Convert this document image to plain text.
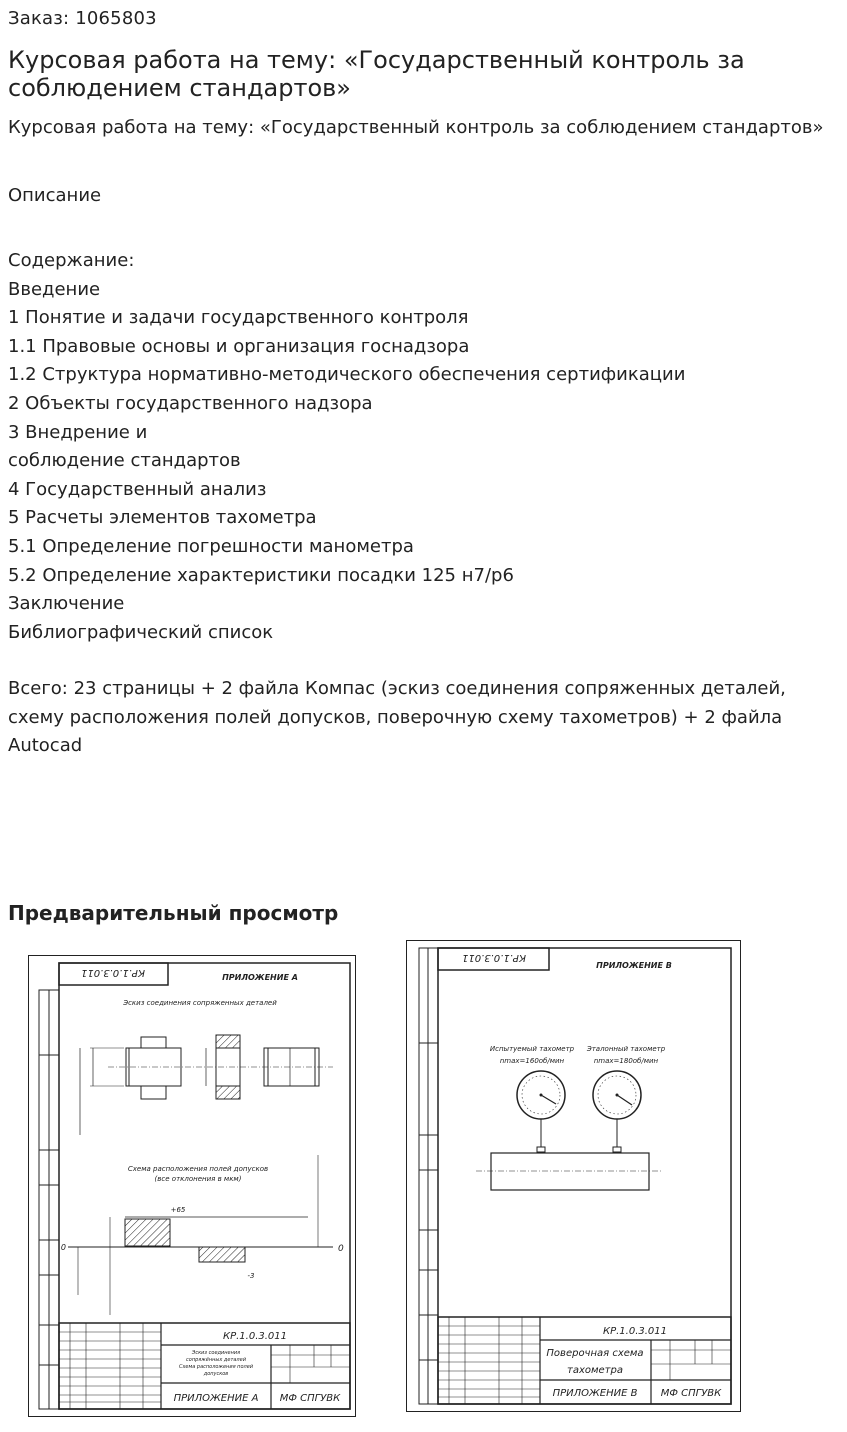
Заказ: 1065803
Курсовая работа на тему: «Государственный контроль за соблюдением стандартов»
Курсовая работа на тему: «Государственный контроль за соблюдением стандартов»
Описание
Содержание:
Введение
1 Понятие и задачи государственного контроля
1.1 Правовые основы и организация госнадзора
1.2 Структура нормативно-методического обеспечения сертификации
2 Объекты государственного надзора
3 Внедрение и
соблюдение стандартов
4 Государственный анализ
5 Расчеты элементов тахометра
5.1 Определение погрешности манометра
5.2 Определение характеристики посадки 125 н7/р6
Заключение
Библиографический список
Всего: 23 страницы + 2 файла Компас (эскиз соединения сопряженных деталей, схему расположения полей допусков, поверочную схему тахометров) + 2 файла Autocad
Предварительный просмотр
КР.1.0.3.011	ПРИЛОЖЕНИЕ А
Эскиз соединения сопряженных деталей
Схема расположения полей допусков
(все отклонения в мкм)
+65
0	0
-3
КР.1.0.3.011
Эскиз соединения
сопряжённых деталей
Схема расположения полей
допусков
ПРИЛОЖЕНИЕ А МФ СПГУВК
КР.1.0.3.011
ПРИЛОЖЕНИЕ В
Испытуемый тахометр
nmax=160об/мин
Эталонный тахометр
nmax=180об/мин
КР.1.0.3.011
Поверочная схема
тахометра
ПРИЛОЖЕНИЕ В МФ СПГУВК
